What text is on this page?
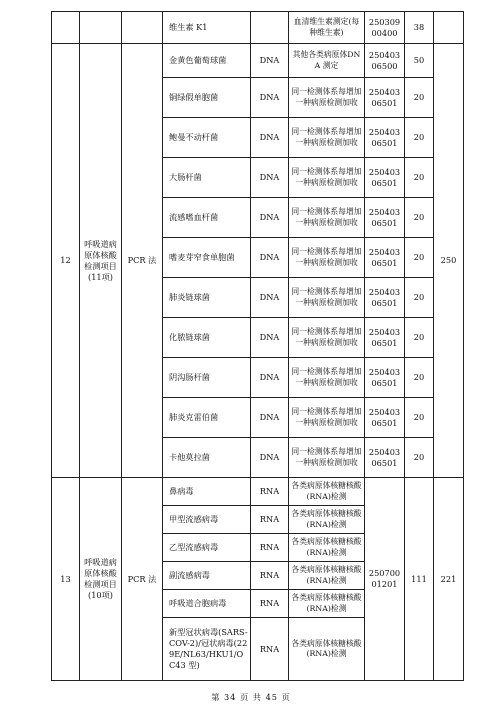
			维生素 K1		血清维生素测定(每种维生素)	250309 00400	38	
12	呼吸道病原体核酸检测项目(11项)	PCR 法	金黄色葡萄球菌	DNA	其他各类病原体DNA 测定	250403 06500	50	250
			铜绿假单胞菌	DNA	同一检测体系每增加一种病原检测加收	250403 06501	20	
			鲍曼不动杆菌	DNA	同一检测体系每增加一种病原检测加收	250403 06501	20	
			大肠杆菌	DNA	同一检测体系每增加一种病原检测加收	250403 06501	20	
			流感嗜血杆菌	DNA	同一检测体系每增加一种病原检测加收	250403 06501	20	
			嗜麦芽窄食单胞菌	DNA	同一检测体系每增加一种病原检测加收	250403 06501	20	
			肺炎链球菌	DNA	同一检测体系每增加一种病原检测加收	250403 06501	20	
			化脓链球菌	DNA	同一检测体系每增加一种病原检测加收	250403 06501	20	
			阴沟肠杆菌	DNA	同一检测体系每增加一种病原检测加收	250403 06501	20	
			肺炎克雷伯菌	DNA	同一检测体系每增加一种病原检测加收	250403 06501	20	
			卡他莫拉菌	DNA	同一检测体系每增加一种病原检测加收	250403 06501	20	
13	呼吸道病原体核酸检测项目(10项)	PCR 法	鼻病毒	RNA	各类病原体核糖核酸(RNA)检测	250700 01201	111	221
			甲型流感病毒	RNA	各类病原体核糖核酸(RNA)检测			
			乙型流感病毒	RNA	各类病原体核糖核酸(RNA)检测			
			副流感病毒	RNA	各类病原体核糖核酸(RNA)检测			
			呼吸道合胞病毒	RNA	各类病原体核糖核酸(RNA)检测			
			新型冠状病毒(SARS-COV-2)/冠状病毒(229E/NL63/HKU1/OC43 型)	RNA	各类病原体核糖核酸(RNA)检测			
第 34 页 共 45 页
